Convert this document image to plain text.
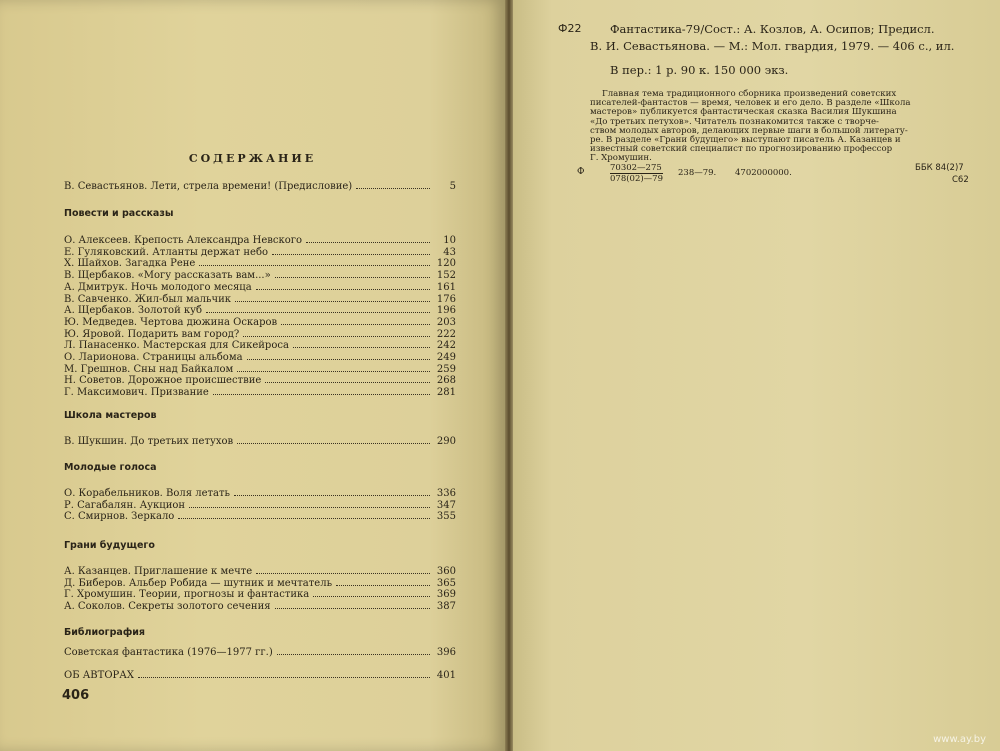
СОДЕРЖАНИЕ
В. Севастьянов. Лети, стрела времени! (Предисловие)	5
Повести и рассказы
О. Алексеев. Крепость Александра Невского	10
Е. Гуляковский. Атланты держат небо	43
Х. Шайхов. Загадка Рене	120
В. Щербаков. «Могу рассказать вам...»	152
А. Дмитрук. Ночь молодого месяца	161
В. Савченко. Жил-был мальчик	176
А. Щербаков. Золотой куб	196
Ю. Медведев. Чертова дюжина Оскаров	203
Ю. Яровой. Подарить вам город?	222
Л. Панасенко. Мастерская для Сикейроса	242
О. Ларионова. Страницы альбома	249
М. Грешнов. Сны над Байкалом	259
Н. Советов. Дорожное происшествие	268
Г. Максимович. Призвание	281
Школа мастеров
В. Шукшин. До третьих петухов	290
Молодые голоса
О. Корабельников. Воля летать	336
Р. Сагабалян. Аукцион	347
С. Смирнов. Зеркало	355
Грани будущего
А. Казанцев. Приглашение к мечте	360
Д. Биберов. Альбер Робида — шутник и мечтатель	365
Г. Хромушин. Теории, прогнозы и фантастика	369
А. Соколов. Секреты золотого сечения	387
Библиография
Советская фантастика (1976—1977 гг.)	396
ОБ АВТОРАХ	401
406
Ф22 Фантастика-79/Сост.: А. Козлов, А. Осипов; Предисл.
В. И. Севастьянова. — М.: Мол. гвардия, 1979. — 406 с., ил.
В пер.: 1 р. 90 к. 150 000 экз.
Главная тема традиционного сборника произведений советских
писателей-фантастов — время, человек и его дело. В разделе «Школа
мастеров» публикуется фантастическая сказка Василия Шукшина
«До третьих петухов». Читатель познакомится также с творче-
ством молодых авторов, делающих первые шаги в большой литерату-
ре. В разделе «Грани будущего» выступают писатель А. Казанцев и
известный советский специалист по прогнозированию профессор
Г. Хромушин.
Ф	$\frac{70302—275}{078(02)—79}$ 238—79. 4702000000.	ББК 84(2)7
С62
www.ay.by
